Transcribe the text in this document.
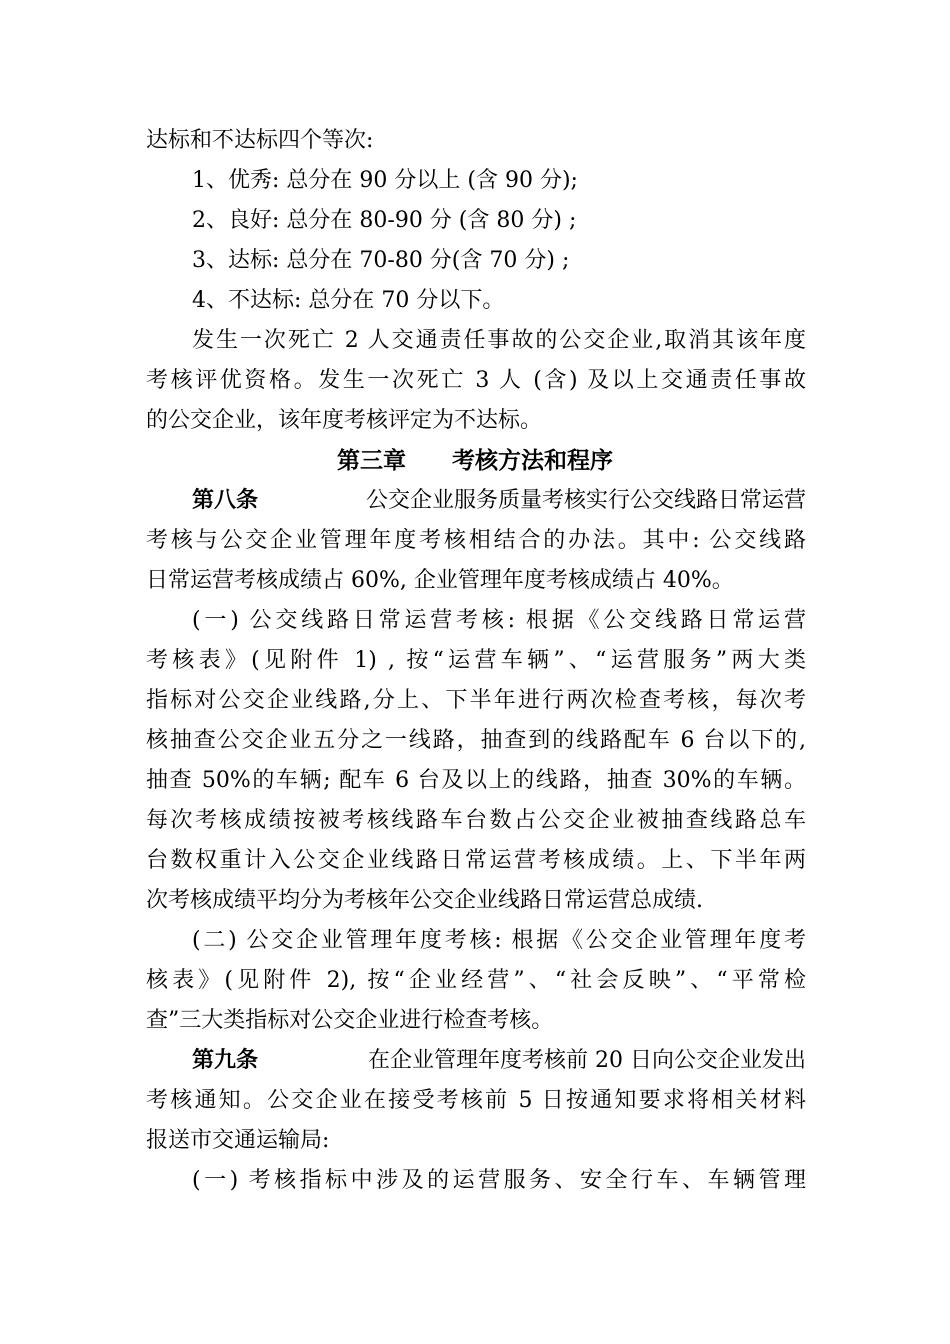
达标和不达标四个等次:
1、优秀: 总分在 90 分以上 (含 90 分);
2、良好: 总分在 80-90 分 (含 80 分) ;
3、达标: 总分在 70-80 分(含 70 分) ;
4、不达标: 总分在 70 分以下。
发生一次死亡 2 人交通责任事故的公交企业,取消其该年度
考核评优资格。发生一次死亡 3 人 (含) 及以上交通责任事故
的公交企业，该年度考核评定为不达标。
第三章　　考核方法和程序
第八条	公交企业服务质量考核实行公交线路日常运营
考核与公交企业管理年度考核相结合的办法。其中: 公交线路
日常运营考核成绩占 60%, 企业管理年度考核成绩占 40%。
(一) 公交线路日常运营考核: 根据《公交线路日常运营
考核表》(见附件 1) , 按“运营车辆”、“运营服务”两大类
指标对公交企业线路,分上、下半年进行两次检查考核，每次考
核抽查公交企业五分之一线路，抽查到的线路配车 6 台以下的,
抽查 50%的车辆; 配车 6 台及以上的线路，抽查 30%的车辆。
每次考核成绩按被考核线路车台数占公交企业被抽查线路总车
台数权重计入公交企业线路日常运营考核成绩。上、下半年两
次考核成绩平均分为考核年公交企业线路日常运营总成绩.
(二) 公交企业管理年度考核: 根据《公交企业管理年度考
核表》(见附件 2), 按“企业经营”、“社会反映”、“平常检
查”三大类指标对公交企业进行检查考核。
第九条	在企业管理年度考核前 20 日向公交企业发出
考核通知。公交企业在接受考核前 5 日按通知要求将相关材料
报送市交通运输局:
(一) 考核指标中涉及的运营服务、安全行车、车辆管理
